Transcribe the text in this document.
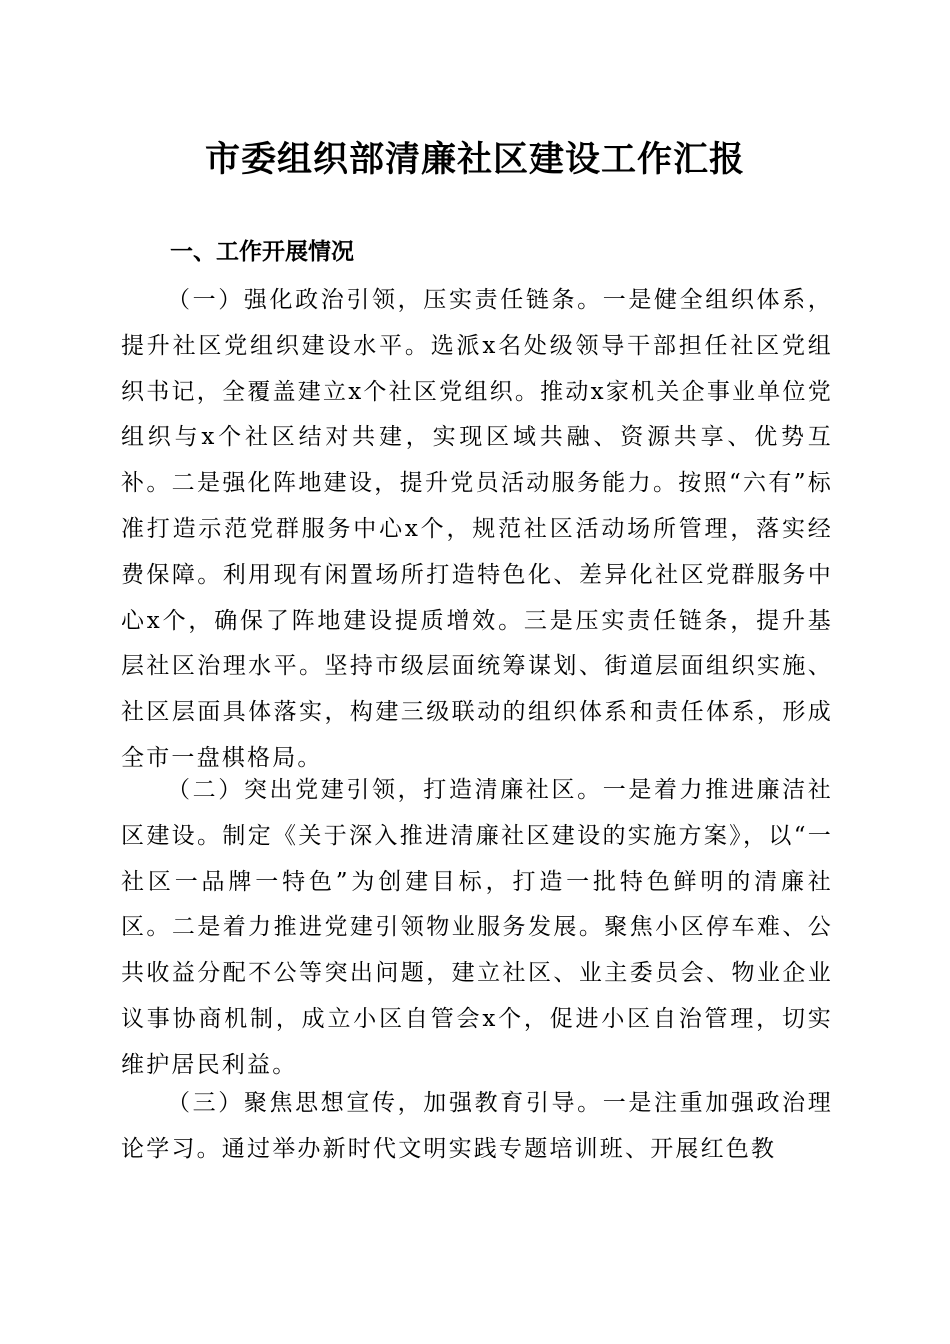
市委组织部清廉社区建设工作汇报
一、工作开展情况

（一）强化政治引领，压实责任链条。一是健全组织体系，提升社区党组织建设水平。选派x名处级领导干部担任社区党组织书记，全覆盖建立x个社区党组织。推动x家机关企事业单位党组织与x个社区结对共建，实现区域共融、资源共享、优势互补。二是强化阵地建设，提升党员活动服务能力。按照“六有”标准打造示范党群服务中心x个，规范社区活动场所管理，落实经费保障。利用现有闲置场所打造特色化、差异化社区党群服务中心x个，确保了阵地建设提质增效。三是压实责任链条，提升基层社区治理水平。坚持市级层面统筹谋划、街道层面组织实施、社区层面具体落实，构建三级联动的组织体系和责任体系，形成全市一盘棋格局。

（二）突出党建引领，打造清廉社区。一是着力推进廉洁社区建设。制定《关于深入推进清廉社区建设的实施方案》，以“一社区一品牌一特色”为创建目标，打造一批特色鲜明的清廉社区。二是着力推进党建引领物业服务发展。聚焦小区停车难、公共收益分配不公等突出问题，建立社区、业主委员会、物业企业议事协商机制，成立小区自管会x个，促进小区自治管理，切实维护居民利益。

（三）聚焦思想宣传，加强教育引导。一是注重加强政治理论学习。通过举办新时代文明实践专题培训班、开展红色教
